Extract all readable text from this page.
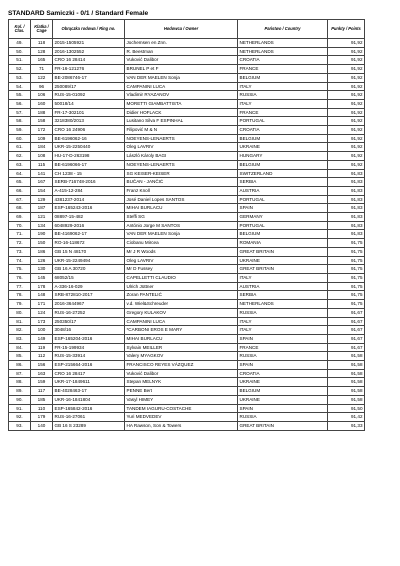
STANDARD Samiczki - 0/1 / Standard Female
Kol. / Clas.	Klatka / Cage	Obrączka rodowa / Ring no.	Hodowca / Owner	Państwo / Country	Punkty / Points
49.	118	2015-1505921	Jochemsen en Znn.	NETHERLANDS	91,92
50.	128	2016-1302552	R. Beestman	NETHERLANDS	91,92
51.	165	CRO 16 28414	Vuković Dalibor	CROATIA	91,92
52.	71	FR-16-121276	BRUNEL P et F	FRANCE	91,92
53.	122	BE-2086746-17	VAN DER MAELEN Sonja	BELGIUM	91,92
54.	96	250089/17	CAMPANINI LUCA	ITALY	91,92
55.	106	RUS-15-01092	Vladimir RYAZANOV	RUSSIA	91,92
56.	160	50018/14	MORETTI GIAMBATTISTA	ITALY	91,92
57.	188	FR-17-302101	Didier HOFLACK	FRANCE	91,92
58.	158	3218380/2013	Lusitano Silva F ESPINHAL	PORTUGAL	91,92
59.	172	CRO 16 24906	Filipović M & N	CROATIA	91,92
60.	109	BE-6196062-16	NOEYENS-LENAERTS	BELGIUM	91,92
61.	184	UKR-15-2250440	Oleg LAVRIV	UKRAINE	91,92
62.	108	HU-17-D-263198	László Károly BAGI	HUNGARY	91,92
63.	115	BE-6196066-17	NOEYENS-LENAERTS	BELGIUM	91,92
64.	141	CH 1238 - 15	SG KEISER-KEISER	SWITZERLAND	91,83
65.	167	SERB-716748-2016	BUČAN - JANČIĆ	SERBIA	91,83
66.	154	A-415-12-284	Franz Knoll	AUSTRIA	91,83
67.	129	4381237-2014	José Daniel Lopes SANTOS	PORTUGAL	91,83
68.	187	ESP-165243-2016	MIHAI BURLACU	SPAIN	91,83
69.	121	08897-15-482	Steffi SG	GERMANY	91,83
70.	134	6048929-2016	António Jorge M SANTOS	PORTUGAL	91,83
71.	190	BE-4169062-17	VAN DER MAELEN Sonja	BELGIUM	91,83
72.	150	RO-16-118672	Ciobanu Mircea	ROMANIA	91,75
73.	186	GB 15 N 48170	Mr J R Woods	GREAT BRITAIN	91,75
74.	126	UKR-15-2249494	Oleg LAVRIV	UKRAINE	91,75
75.	130	GB 16 A 30720	Mr D Fussey	GREAT BRITAIN	91,75
76.	145	68052/15	CAPELLETTI CLAUDIO	ITALY	91,75
77.	178	A-336-16-029	Ulrich Jüttner	AUSTRIA	91,75
78.	148	SRB-872810-2017	Zoran PANTELIĆ	SERBIA	91,75
79.	171	2016-3644967	v.d. Wiel&Schreuder	NETHERLANDS	91,75
80.	124	RUS-16-27252	Gregory KULAKOV	RUSSIA	91,67
81.	173	250350/17	CAMPANINI LUCA	ITALY	91,67
82.	100	3048/16	*CARBONI EROS E MARY	ITALY	91,67
83.	149	ESP-165204-2016	MIHAI BURLACU	SPAIN	91,67
84.	119	FR-15-199934	Sylvain MEILLER	FRANCE	91,67
85.	112	RUS-15-33914	Valery MYAGKOV	RUSSIA	91,58
86.	156	ESP-215664-2016	FRANCISCO REYES VÁZQUEZ	SPAIN	91,58
87.	163	CRO 16 28417	Vuković Dalibor	CROATIA	91,58
88.	159	UKR-17-1849611	Stepan MELNYK	UKRAINE	91,58
89.	117	BE-4028463-17	PENNE Bert	BELGIUM	91,58
90.	185	UKR-16-1841804	Vasyl HIMEY	UKRAINE	91,58
91.	110	ESP-165842-2016	TANDEM IAGURU-COSTACHE	SPAIN	91,50
92.	179	RUS-16-27061	Yuri MEDVEDEV	RUSSIA	91,42
93.	140	GB 16 S 23289	HA Rawson, Son & Towers	GREAT BRITAIN	91,33
